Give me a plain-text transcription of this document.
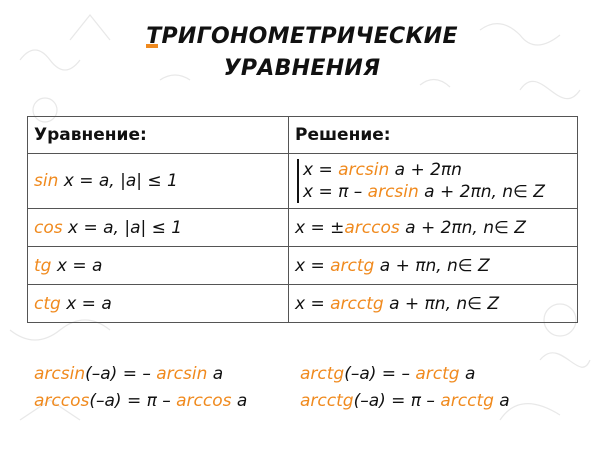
ТРИГОНОМЕТРИЧЕСКИЕ
УРАВНЕНИЯ
Уравнение:	Решение:
sin x = a, |a| ≤ 1	x = arcsin a + 2πn
x = π – arcsin a + 2πn, n∈ Z
cos x = a, |a| ≤ 1	x = ±arccos a + 2πn, n∈ Z
tg x = a	x = arctg a + πn, n∈ Z
ctg x = a	x = arcctg a + πn, n∈ Z
arcsin(–a) = – arcsin a	arctg(–a) = – arctg a
arccos(–a) = π – arccos a	arcctg(–a) = π – arcctg a
